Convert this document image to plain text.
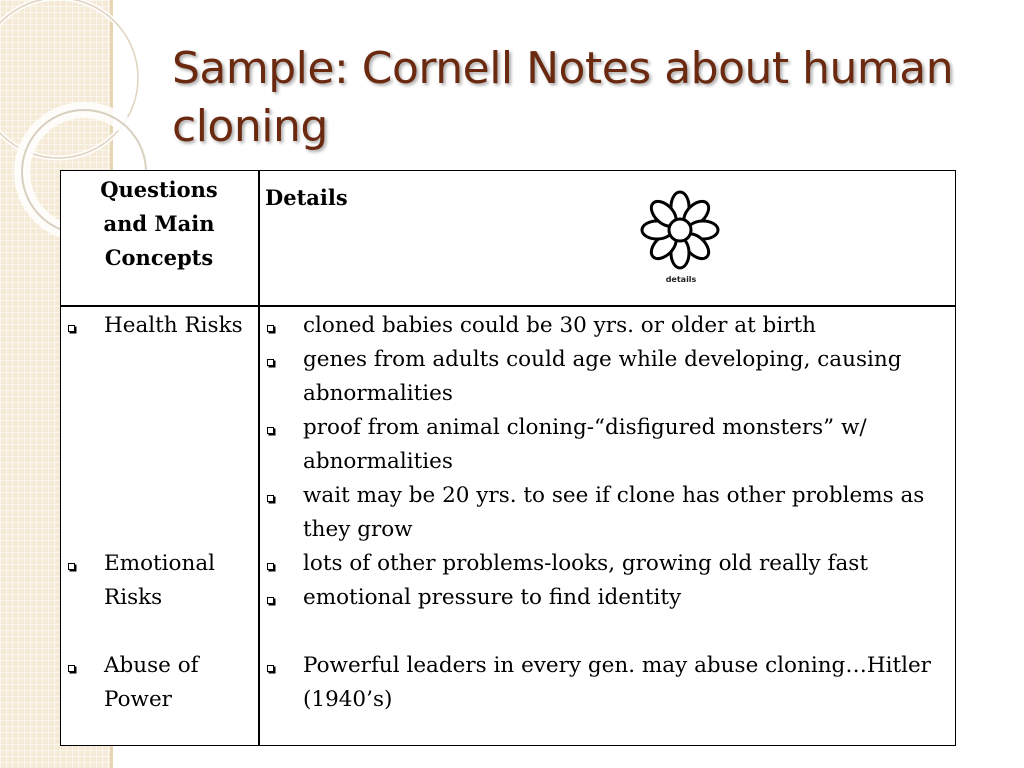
Sample: Cornell Notes about human cloning
Questions and Main Concepts
Details
details
Health Risks
Emotional Risks
Abuse of Power
cloned babies could be 30 yrs. or older at birth
genes from adults could age while developing, causing abnormalities
proof from animal cloning-“disfigured monsters” w/ abnormalities
wait may be 20 yrs. to see if clone has other problems as they grow
lots of other problems-looks, growing old really fast
emotional pressure to find identity
Powerful leaders in every gen. may abuse cloning…Hitler (1940’s)
